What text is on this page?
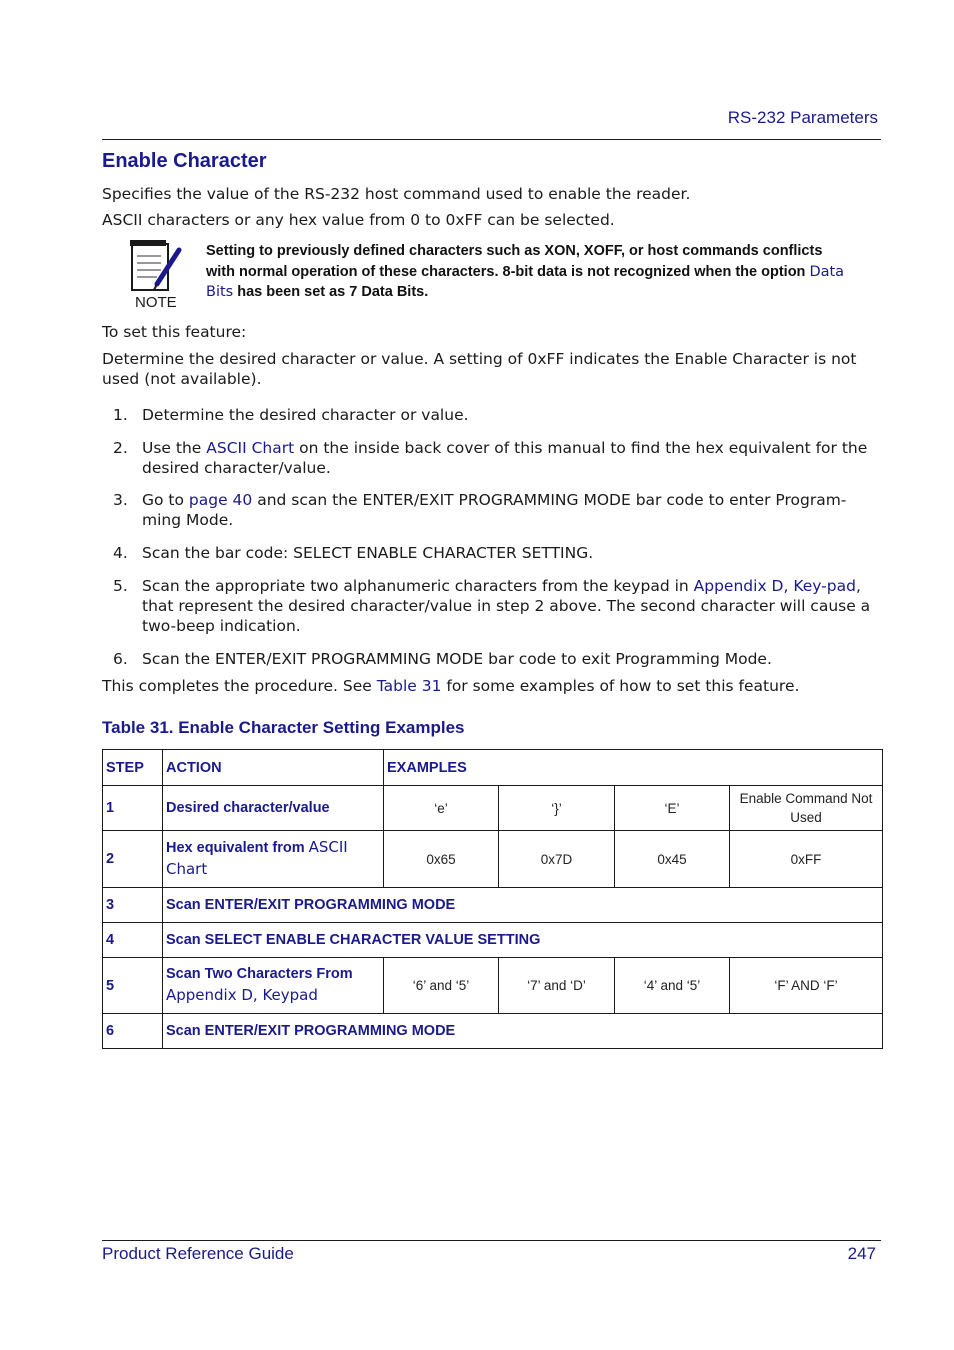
RS-232 Parameters
Enable Character

Specifies the value of the RS-232 host command used to enable the reader.

ASCII characters or any hex value from 0 to 0xFF can be selected.

NOTE
Setting to previously defined characters such as XON, XOFF, or host commands conflicts with normal operation of these characters. 8-bit data is not recognized when the option Data Bits has been set as 7 Data Bits.

To set this feature:

Determine the desired character or value. A setting of 0xFF indicates the Enable Character is not used (not available).

1. Determine the desired character or value.
2. Use the ASCII Chart on the inside back cover of this manual to find the hex equivalent for the desired character/value.
3. Go to page 40 and scan the ENTER/EXIT PROGRAMMING MODE bar code to enter Program-ming Mode.
4. Scan the bar code: SELECT ENABLE CHARACTER SETTING.
5. Scan the appropriate two alphanumeric characters from the keypad in Appendix D, Key-pad, that represent the desired character/value in step 2 above. The second character will cause a two-beep indication.
6. Scan the ENTER/EXIT PROGRAMMING MODE bar code to exit Programming Mode.

This completes the procedure. See Table 31 for some examples of how to set this feature.

Table 31. Enable Character Setting Examples
STEP	ACTION	EXAMPLES			
1	Desired character/value	‘e’	‘}’	‘E’	Enable Command Not Used
2	Hex equivalent from ASCII Chart	0x65	0x7D	0x45	0xFF
3	Scan ENTER/EXIT PROGRAMMING MODE				
4	Scan SELECT ENABLE CHARACTER VALUE SETTING				
5	Scan Two Characters From Appendix D, Keypad	‘6’ and ‘5’	‘7’ and ‘D’	‘4’ and ‘5’	‘F’ AND ‘F’
6	Scan ENTER/EXIT PROGRAMMING MODE				
Product Reference Guide	247
